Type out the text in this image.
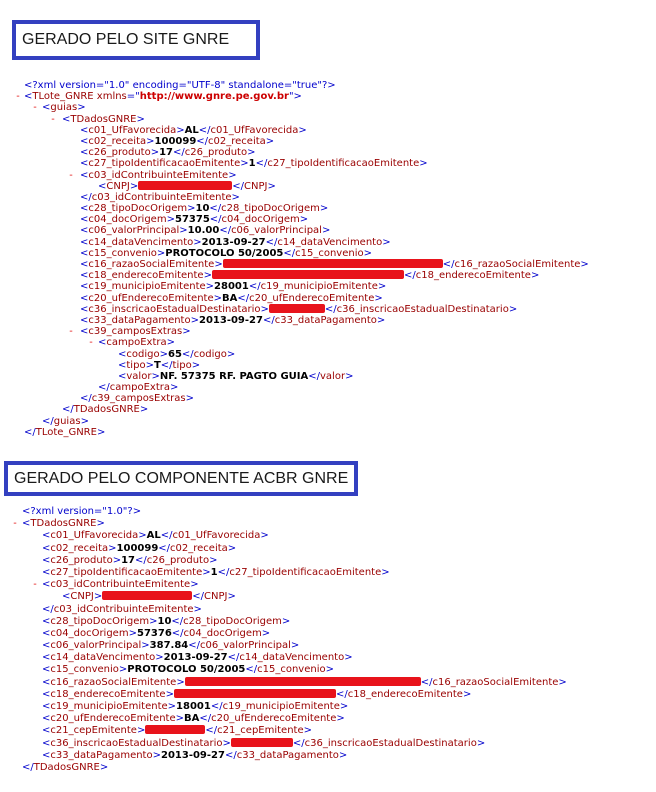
GERADO PELO SITE GNRE
<?xml version="1.0" encoding="UTF-8" standalone="true"?>
- <TLote_GNRE xmlns="http://www.gnre.pe.gov.br">
- <guias>
- <TDadosGNRE>
<c01_UfFavorecida>AL</c01_UfFavorecida>
<c02_receita>100099</c02_receita>
<c26_produto>17</c26_produto>
<c27_tipoIdentificacaoEmitente>1</c27_tipoIdentificacaoEmitente>
- <c03_idContribuinteEmitente>
<CNPJ>	</CNPJ>
</c03_idContribuinteEmitente>
<c28_tipoDocOrigem>10</c28_tipoDocOrigem>
<c04_docOrigem>57375</c04_docOrigem>
<c06_valorPrincipal>10.00</c06_valorPrincipal>
<c14_dataVencimento>2013-09-27</c14_dataVencimento>
<c15_convenio>PROTOCOLO 50/2005</c15_convenio>
<c16_razaoSocialEmitente>	</c16_razaoSocialEmitente>
<c18_enderecoEmitente>	</c18_enderecoEmitente>
<c19_municipioEmitente>28001</c19_municipioEmitente>
<c20_ufEnderecoEmitente>BA</c20_ufEnderecoEmitente>
<c36_inscricaoEstadualDestinatario>	</c36_inscricaoEstadualDestinatario>
<c33_dataPagamento>2013-09-27</c33_dataPagamento>
- <c39_camposExtras>
- <campoExtra>
<codigo>65</codigo>
<tipo>T</tipo>
<valor>NF. 57375 RF. PAGTO GUIA</valor>
</campoExtra>
</c39_camposExtras>
</TDadosGNRE>
</guias>
</TLote_GNRE>
GERADO PELO COMPONENTE ACBR GNRE
<?xml version="1.0"?>
- <TDadosGNRE>
<c01_UfFavorecida>AL</c01_UfFavorecida>
<c02_receita>100099</c02_receita>
<c26_produto>17</c26_produto>
<c27_tipoIdentificacaoEmitente>1</c27_tipoIdentificacaoEmitente>
- <c03_idContribuinteEmitente>
<CNPJ>	</CNPJ>
</c03_idContribuinteEmitente>
<c28_tipoDocOrigem>10</c28_tipoDocOrigem>
<c04_docOrigem>57376</c04_docOrigem>
<c06_valorPrincipal>387.84</c06_valorPrincipal>
<c14_dataVencimento>2013-09-27</c14_dataVencimento>
<c15_convenio>PROTOCOLO 50/2005</c15_convenio>
<c16_razaoSocialEmitente>	</c16_razaoSocialEmitente>
<c18_enderecoEmitente>	</c18_enderecoEmitente>
<c19_municipioEmitente>18001</c19_municipioEmitente>
<c20_ufEnderecoEmitente>BA</c20_ufEnderecoEmitente>
<c21_cepEmitente>	</c21_cepEmitente>
<c36_inscricaoEstadualDestinatario>	</c36_inscricaoEstadualDestinatario>
<c33_dataPagamento>2013-09-27</c33_dataPagamento>
</TDadosGNRE>
